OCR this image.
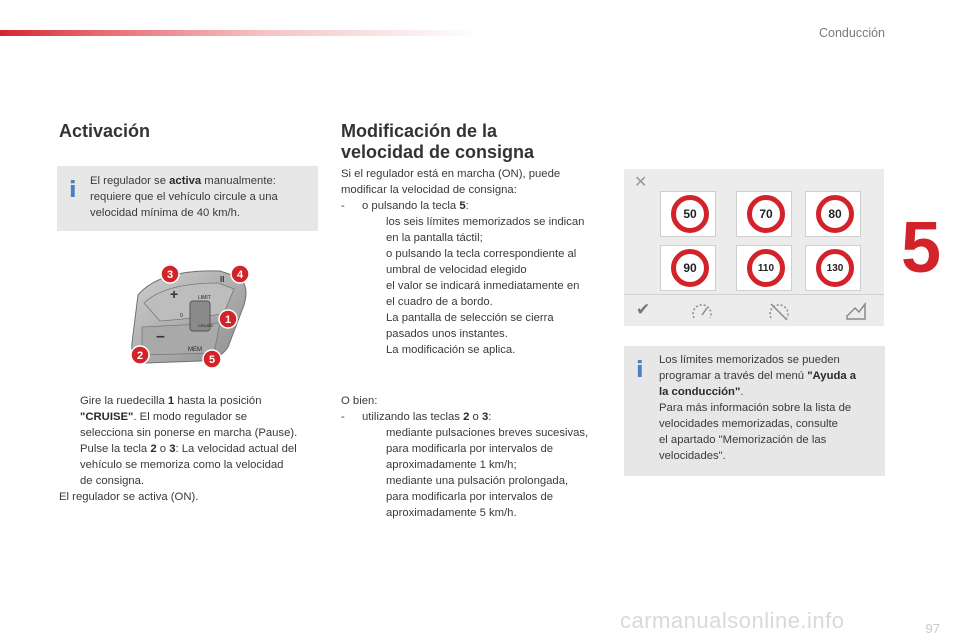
Conducción
5
Activación
i El regulador se activa manualmente:
requiere que el vehículo circule a una
velocidad mínima de 40 km/h.
+
II
LIMIT
0
CRUISE
–
MEM
3	4
1
2	5
Gire la ruedecilla 1 hasta la posición
"CRUISE". El modo regulador se
selecciona sin ponerse en marcha (Pause).
Pulse la tecla 2 o 3: La velocidad actual del
vehículo se memoriza como la velocidad
de consigna.
El regulador se activa (ON).
Modificación de la
velocidad de consigna
Si el regulador está en marcha (ON), puede
modificar la velocidad de consigna:
- o pulsando la tecla 5:
los seis límites memorizados se indican
en la pantalla táctil;
o pulsando la tecla correspondiente al
umbral de velocidad elegido
el valor se indicará inmediatamente en
el cuadro de a bordo.
La pantalla de selección se cierra
pasados unos instantes.
La modificación se aplica.
O bien:
- utilizando las teclas 2 o 3:
mediante pulsaciones breves sucesivas,
para modificarla por intervalos de
aproximadamente 1 km/h;
mediante una pulsación prolongada,
para modificarla por intervalos de
aproximadamente 5 km/h.
✕
50	70	80
90	110	130
✔
i Los límites memorizados se pueden
programar a través del menú "Ayuda a
la conducción".
Para más información sobre la lista de
velocidades memorizadas, consulte
el apartado "Memorización de las
velocidades".
carmanualsonline.info	97
